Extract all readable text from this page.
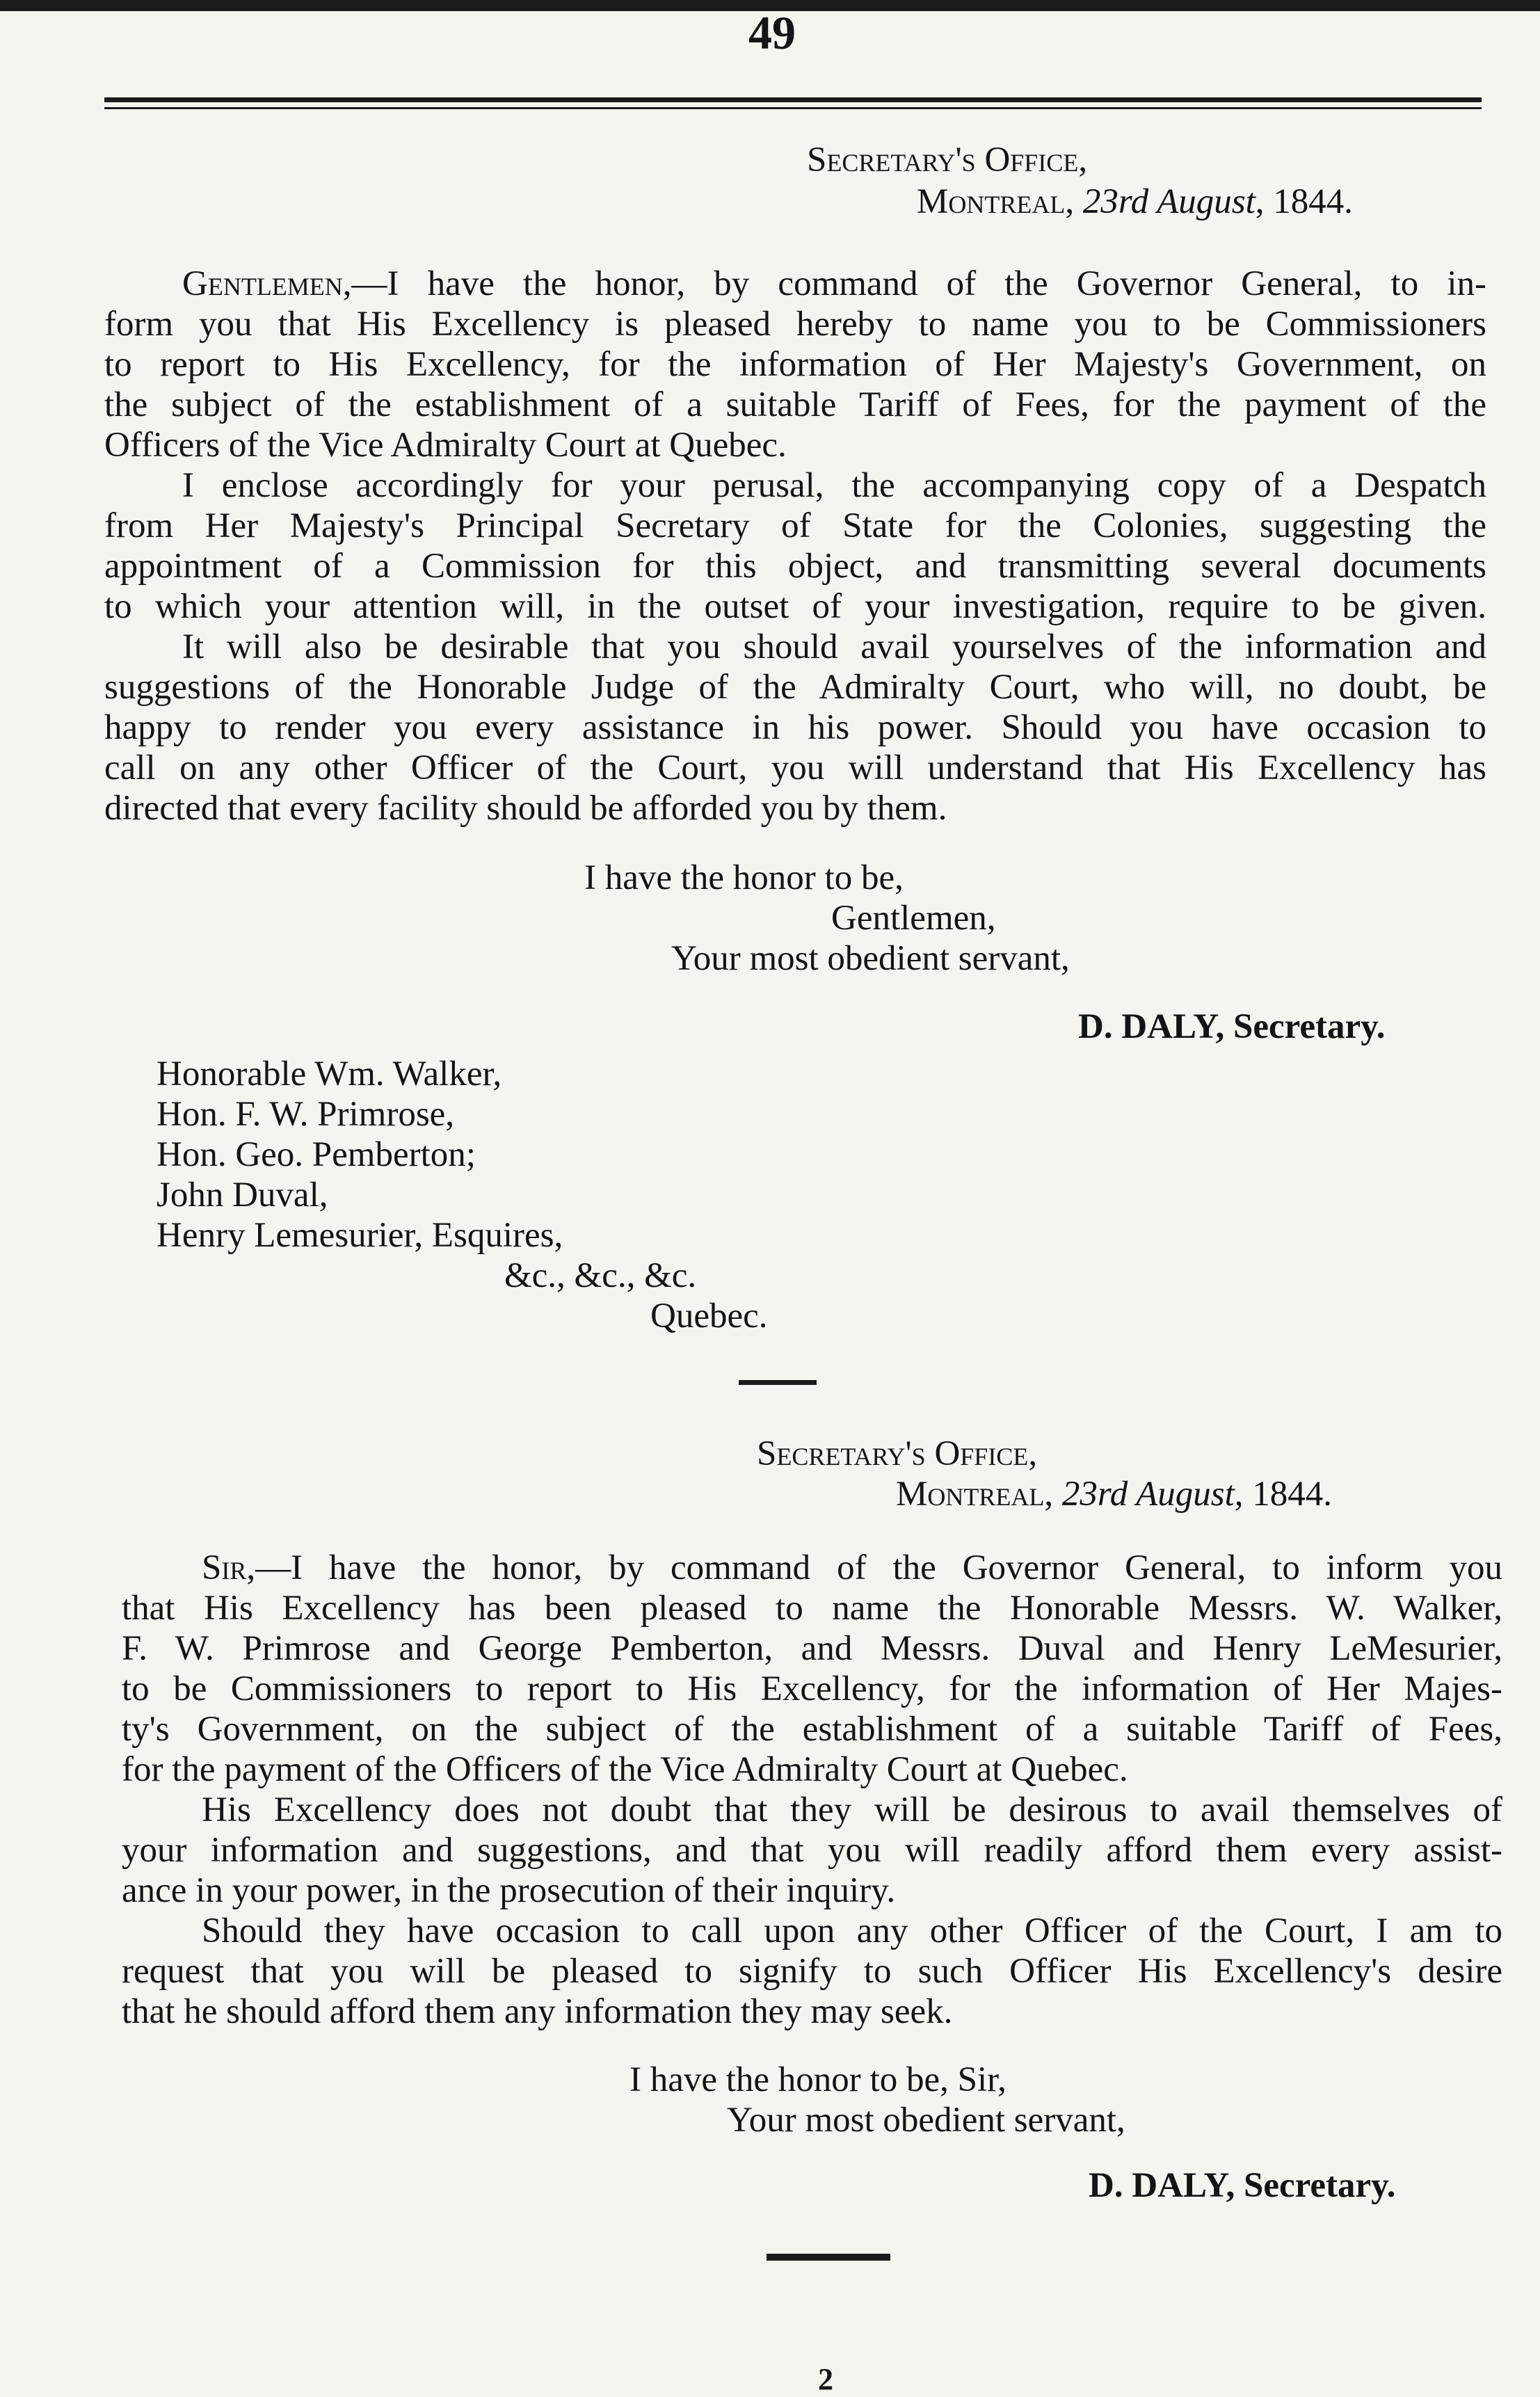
49

Secretary's Office,

Montreal, 23rd August, 1844.

Gentlemen,—I have the honor, by command of the Governor General, to in-

form you that His Excellency is pleased hereby to name you to be Commissioners

to report to His Excellency, for the information of Her Majesty's Government, on

the subject of the establishment of a suitable Tariff of Fees, for the payment of the

Officers of the Vice Admiralty Court at Quebec.

I enclose accordingly for your perusal, the accompanying copy of a Despatch

from Her Majesty's Principal Secretary of State for the Colonies, suggesting the

appointment of a Commission for this object, and transmitting several documents

to which your attention will, in the outset of your investigation, require to be given.

It will also be desirable that you should avail yourselves of the information and

suggestions of the Honorable Judge of the Admiralty Court, who will, no doubt, be

happy to render you every assistance in his power. Should you have occasion to

call on any other Officer of the Court, you will understand that His Excellency has

directed that every facility should be afforded you by them.

I have the honor to be,

Gentlemen,

Your most obedient servant,

D. DALY, Secretary.

Honorable Wm. Walker,

Hon. F. W. Primrose,

Hon. Geo. Pemberton;

John Duval,

Henry Lemesurier, Esquires,

&c., &c., &c.

Quebec.

Secretary's Office,

Montreal, 23rd August, 1844.

Sir,—I have the honor, by command of the Governor General, to inform you

that His Excellency has been pleased to name the Honorable Messrs. W. Walker,

F. W. Primrose and George Pemberton, and Messrs. Duval and Henry LeMesurier,

to be Commissioners to report to His Excellency, for the information of Her Majes-

ty's Government, on the subject of the establishment of a suitable Tariff of Fees,

for the payment of the Officers of the Vice Admiralty Court at Quebec.

His Excellency does not doubt that they will be desirous to avail themselves of

your information and suggestions, and that you will readily afford them every assist-

ance in your power, in the prosecution of their inquiry.

Should they have occasion to call upon any other Officer of the Court, I am to

request that you will be pleased to signify to such Officer His Excellency's desire

that he should afford them any information they may seek.

I have the honor to be, Sir,

Your most obedient servant,

D. DALY, Secretary.

2
